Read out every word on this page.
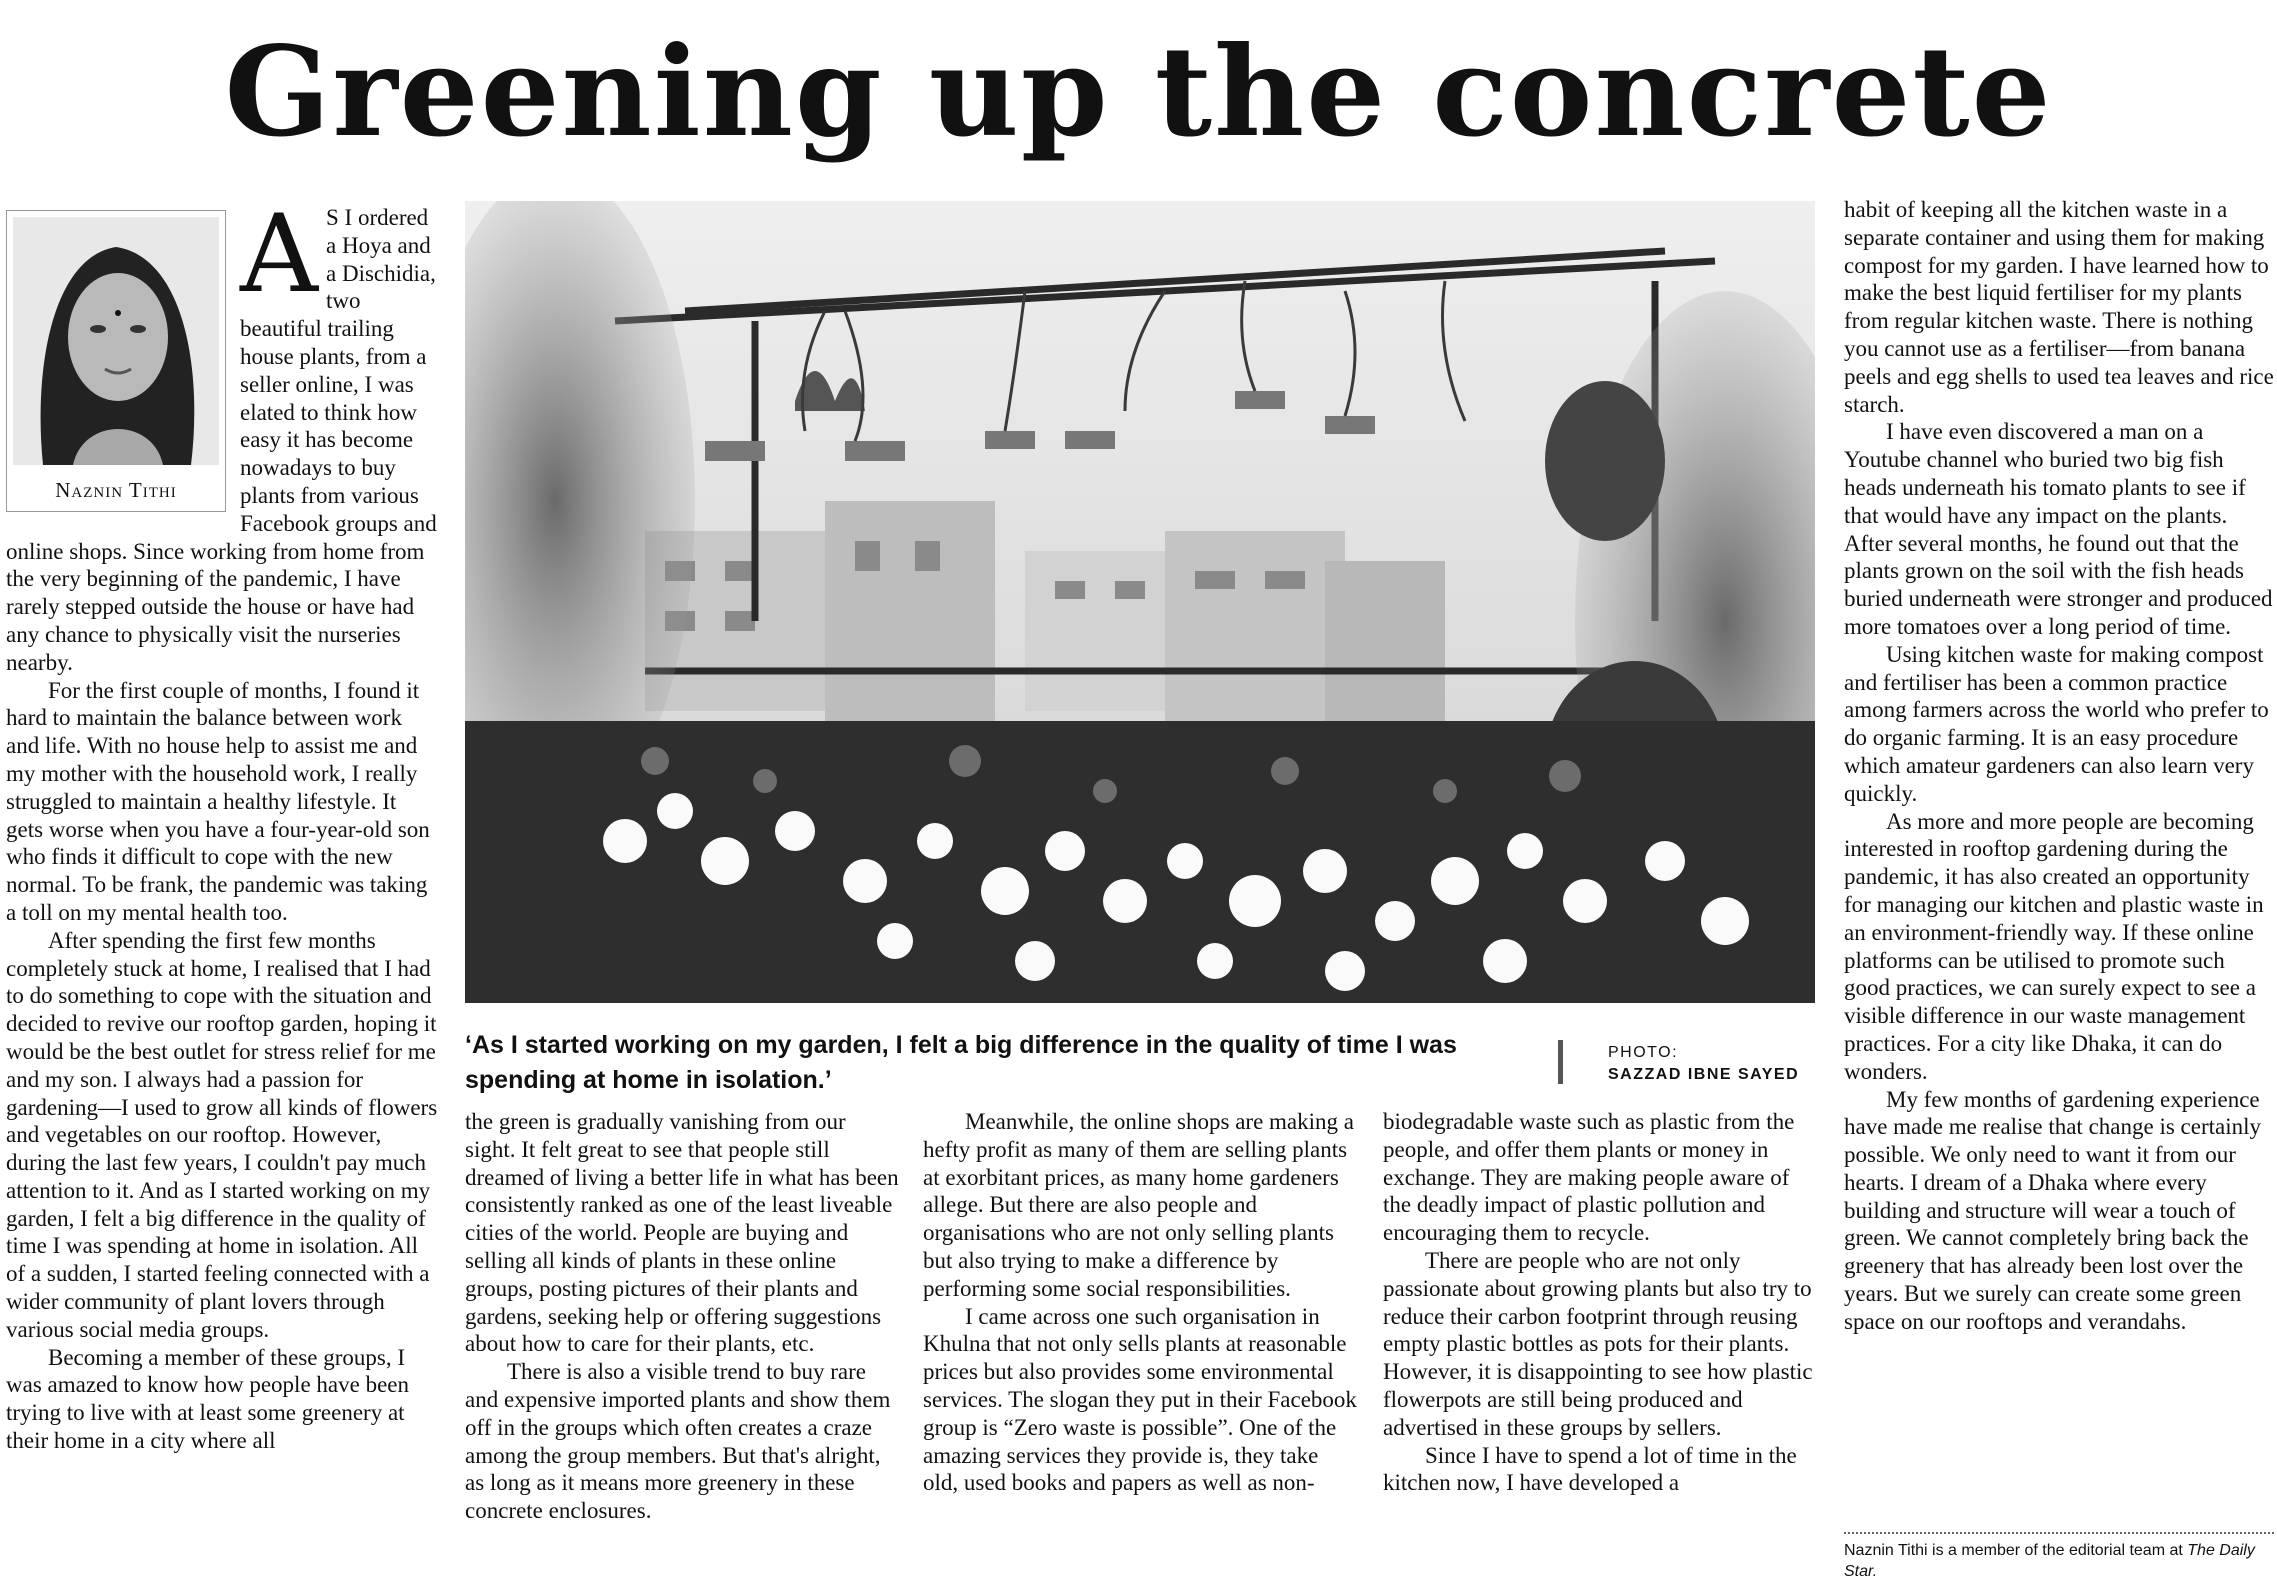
Greening up the concrete
Naznin Tithi
A S I ordered a Hoya and a Dischidia, two beautiful trailing house plants, from a seller online, I was elated to think how easy it has become nowadays to buy plants from various Facebook groups and online shops. Since working from home from the very beginning of the pandemic, I have rarely stepped outside the house or have had any chance to physically visit the nurseries nearby.

For the first couple of months, I found it hard to maintain the balance between work and life. With no house help to assist me and my mother with the household work, I really struggled to maintain a healthy lifestyle. It gets worse when you have a four-year-old son who finds it difficult to cope with the new normal. To be frank, the pandemic was taking a toll on my mental health too.

After spending the first few months completely stuck at home, I realised that I had to do something to cope with the situation and decided to revive our rooftop garden, hoping it would be the best outlet for stress relief for me and my son. I always had a passion for gardening—I used to grow all kinds of flowers and vegetables on our rooftop. However, during the last few years, I couldn't pay much attention to it. And as I started working on my garden, I felt a big difference in the quality of time I was spending at home in isolation. All of a sudden, I started feeling connected with a wider community of plant lovers through various social media groups.

Becoming a member of these groups, I was amazed to know how people have been trying to live with at least some greenery at their home in a city where all

‘As I started working on my garden, I felt a big difference in the quality of time I was spending at home in isolation.’
PHOTO:
SAZZAD IBNE SAYED

the green is gradually vanishing from our sight. It felt great to see that people still dreamed of living a better life in what has been consistently ranked as one of the least liveable cities of the world. People are buying and selling all kinds of plants in these online groups, posting pictures of their plants and gardens, seeking help or offering suggestions about how to care for their plants, etc.

There is also a visible trend to buy rare and expensive imported plants and show them off in the groups which often creates a craze among the group members. But that's alright, as long as it means more greenery in these concrete enclosures.

Meanwhile, the online shops are making a hefty profit as many of them are selling plants at exorbitant prices, as many home gardeners allege. But there are also people and organisations who are not only selling plants but also trying to make a difference by performing some social responsibilities.

I came across one such organisation in Khulna that not only sells plants at reasonable prices but also provides some environmental services. The slogan they put in their Facebook group is “Zero waste is possible”. One of the amazing services they provide is, they take old, used books and papers as well as non-

biodegradable waste such as plastic from the people, and offer them plants or money in exchange. They are making people aware of the deadly impact of plastic pollution and encouraging them to recycle.

There are people who are not only passionate about growing plants but also try to reduce their carbon footprint through reusing empty plastic bottles as pots for their plants. However, it is disappointing to see how plastic flowerpots are still being produced and advertised in these groups by sellers.

Since I have to spend a lot of time in the kitchen now, I have developed a

habit of keeping all the kitchen waste in a separate container and using them for making compost for my garden. I have learned how to make the best liquid fertiliser for my plants from regular kitchen waste. There is nothing you cannot use as a fertiliser—from banana peels and egg shells to used tea leaves and rice starch.

I have even discovered a man on a Youtube channel who buried two big fish heads underneath his tomato plants to see if that would have any impact on the plants. After several months, he found out that the plants grown on the soil with the fish heads buried underneath were stronger and produced more tomatoes over a long period of time.

Using kitchen waste for making compost and fertiliser has been a common practice among farmers across the world who prefer to do organic farming. It is an easy procedure which amateur gardeners can also learn very quickly.

As more and more people are becoming interested in rooftop gardening during the pandemic, it has also created an opportunity for managing our kitchen and plastic waste in an environment-friendly way. If these online platforms can be utilised to promote such good practices, we can surely expect to see a visible difference in our waste management practices. For a city like Dhaka, it can do wonders.

My few months of gardening experience have made me realise that change is certainly possible. We only need to want it from our hearts. I dream of a Dhaka where every building and structure will wear a touch of green. We cannot completely bring back the greenery that has already been lost over the years. But we surely can create some green space on our rooftops and verandahs.

Naznin Tithi is a member of the editorial team at The Daily Star.
